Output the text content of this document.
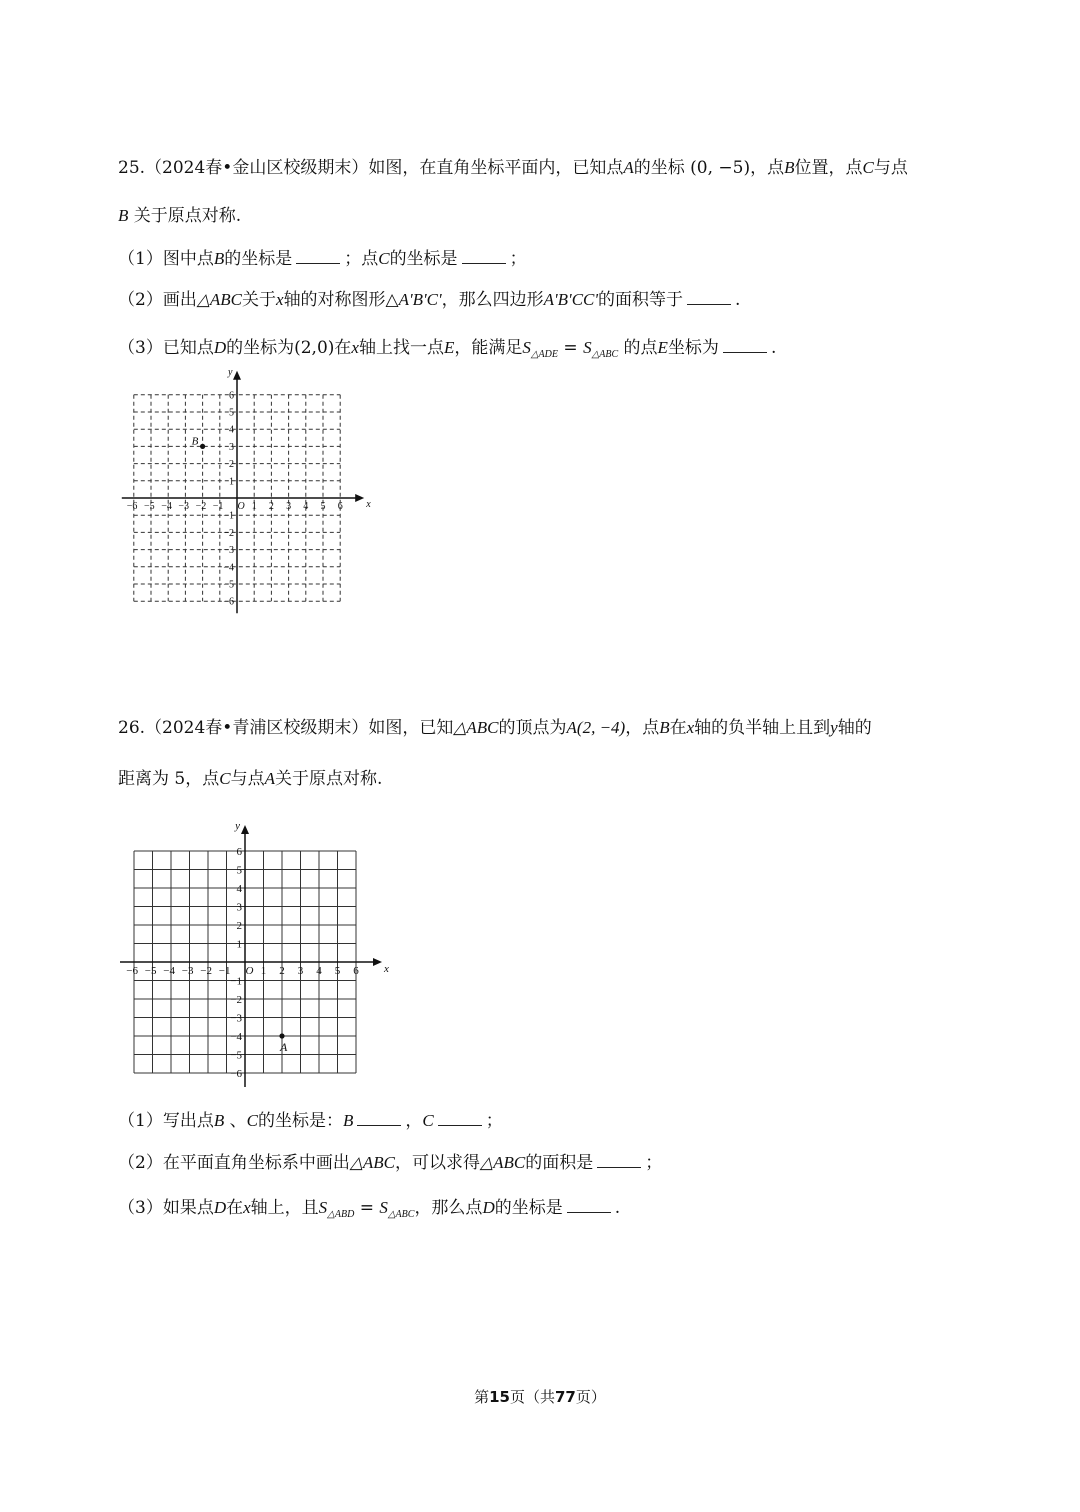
25.（2024春•金山区校级期末）如图，在直角坐标平面内，已知点A的坐标 (0, −5)，点B位置，点C与点
B 关于原点对称.
（1）图中点B的坐标是	；点C的坐标是	；
（2）画出△ABC关于x轴的对称图形△A'B'C'，那么四边形A'B'CC'的面积等于	.
（3）已知点D的坐标为(2,0)在x轴上找一点E，能满足$S_{\triangle ADE} = S_{\triangle ABC}$ 的点E坐标为	.
x
y
O
−6 −5 −4 −3 −2 −1	1 2 3 4 5 6
6
5
4
3
2
1
−1
−2
−3
−4
−5
−6
B
26.（2024春•青浦区校级期末）如图，已知△ABC的顶点为A(2, −4)，点B在x轴的负半轴上且到y轴的
距离为 5，点C与点A关于原点对称.
x
y
O
−6 −5 −4 −3 −2 −1	1 2 3 4 5 6
6
5
4
3
2
1
−1
−2
−3
−4
−5
−6
A
（1）写出点B 、C的坐标是：B	，C	；
（2）在平面直角坐标系中画出△ABC，可以求得△ABC的面积是	；
（3）如果点D在x轴上，且$S_{\triangle ABD} = S_{\triangle ABC}$，那么点D的坐标是	.
第15页（共77页）
